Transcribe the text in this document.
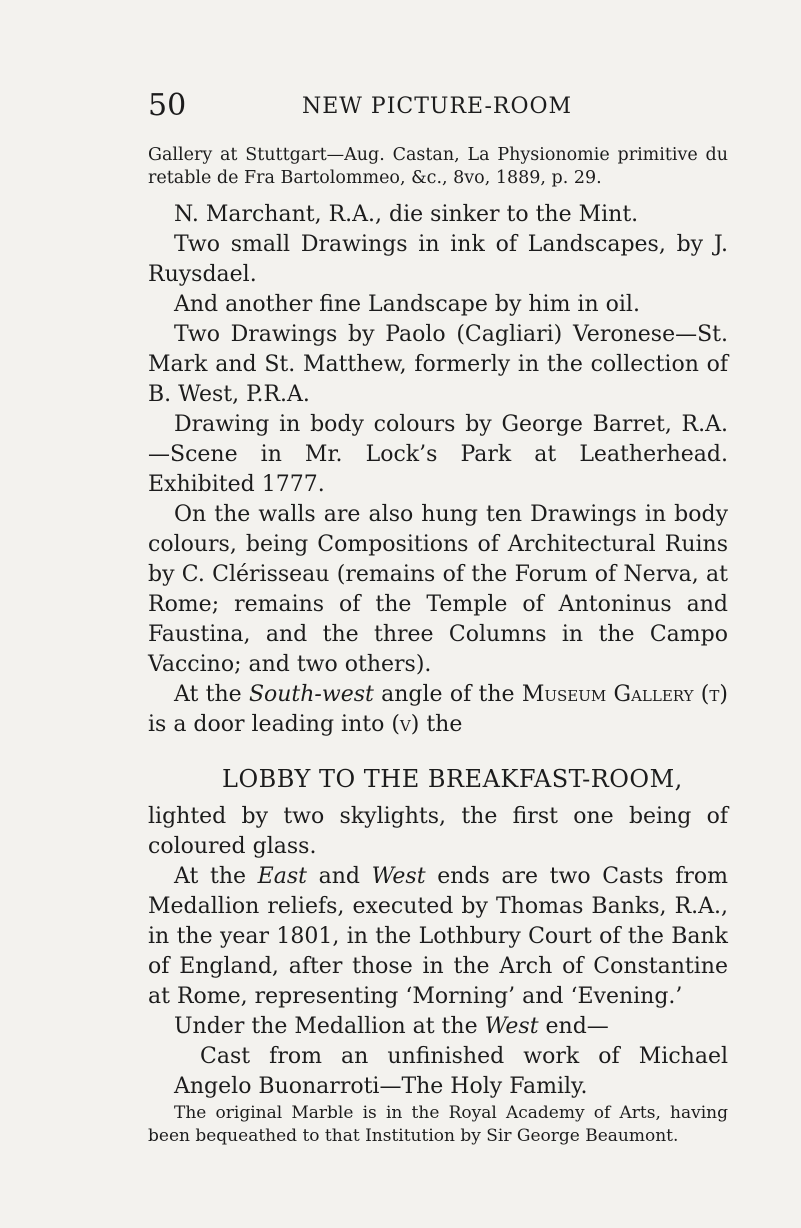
50	NEW PICTURE-ROOM

Gallery at Stuttgart—Aug. Castan, La Physionomie primitive du retable de Fra Bartolommeo, &c., 8vo, 1889, p. 29.

N. Marchant, R.A., die sinker to the Mint.

Two small Drawings in ink of Landscapes, by J. Ruysdael.

And another fine Landscape by him in oil.

Two Drawings by Paolo (Cagliari) Veronese—St. Mark and St. Matthew, formerly in the collection of B. West, P.R.A.

Drawing in body colours by George Barret, R.A. —Scene in Mr. Lock’s Park at Leatherhead. Exhibited 1777.

On the walls are also hung ten Drawings in body colours, being Compositions of Architectural Ruins by C. Clérisseau (remains of the Forum of Nerva, at Rome; remains of the Temple of Antoninus and Faustina, and the three Columns in the Campo Vaccino; and two others).

At the South-west angle of the Museum Gallery (t) is a door leading into (v) the

LOBBY TO THE BREAKFAST-ROOM,

lighted by two skylights, the first one being of coloured glass.

At the East and West ends are two Casts from Medallion reliefs, executed by Thomas Banks, R.A., in the year 1801, in the Lothbury Court of the Bank of England, after those in the Arch of Constantine at Rome, representing ‘Morning’ and ‘Evening.’

Under the Medallion at the West end—

Cast from an unfinished work of Michael Angelo Buonarroti—The Holy Family.

The original Marble is in the Royal Academy of Arts, having been bequeathed to that Institution by Sir George Beaumont.
